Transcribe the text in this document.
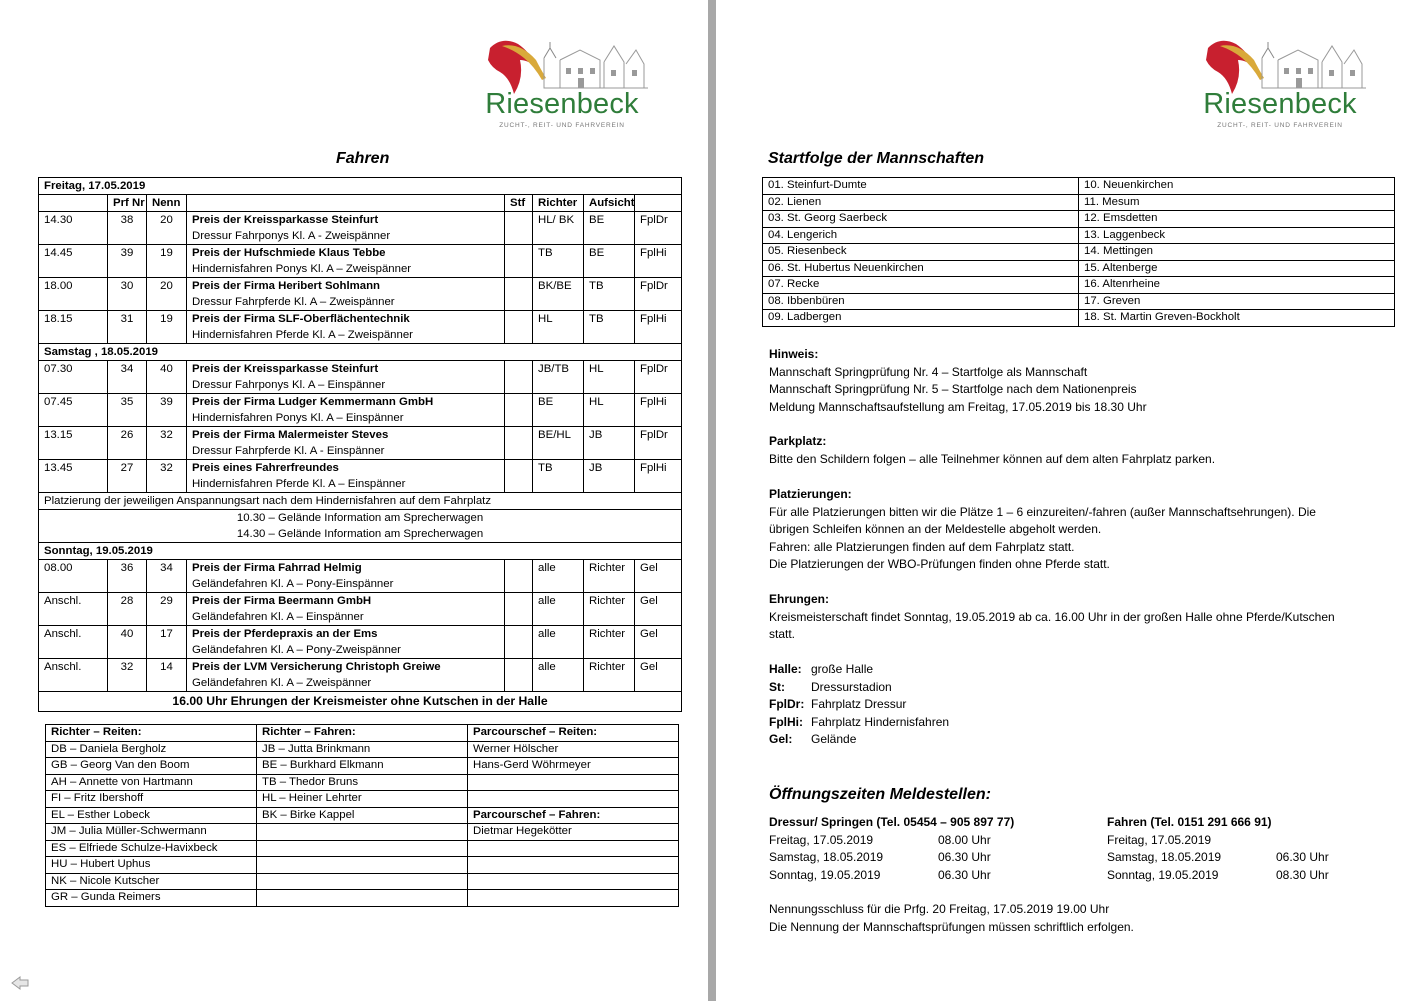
Riesenbeck
ZUCHT-, REIT- UND FAHRVEREIN
Fahren
Freitag, 17.05.2019							
	Prf Nr	Nenn		Stf	Richter	Aufsicht	
14.30	38	20	Preis der Kreissparkasse Steinfurt
Dressur Fahrponys Kl. A - Zweispänner		HL/ BK	BE	FplDr
14.45	39	19	Preis der Hufschmiede Klaus Tebbe
Hindernisfahren Ponys Kl. A – Zweispänner		TB	BE	FplHi
18.00	30	20	Preis der Firma Heribert Sohlmann
Dressur Fahrpferde Kl. A – Zweispänner		BK/BE	TB	FplDr
18.15	31	19	Preis der Firma SLF-Oberflächentechnik
Hindernisfahren Pferde Kl. A – Zweispänner		HL	TB	FplHi
Samstag , 18.05.2019							
07.30	34	40	Preis der Kreissparkasse Steinfurt
Dressur Fahrponys Kl. A – Einspänner		JB/TB	HL	FplDr
07.45	35	39	Preis der Firma Ludger Kemmermann GmbH
Hindernisfahren Ponys Kl. A – Einspänner		BE	HL	FplHi
13.15	26	32	Preis der Firma Malermeister Steves
Dressur Fahrpferde Kl. A - Einspänner		BE/HL	JB	FplDr
13.45	27	32	Preis eines Fahrerfreundes
Hindernisfahren Pferde Kl. A – Einspänner		TB	JB	FplHi
Platzierung der jeweiligen Anspannungsart nach dem Hindernisfahren auf dem Fahrplatz							
10.30 – Gelände Information am Sprecherwagen
14.30 – Gelände Information am Sprecherwagen							
Sonntag, 19.05.2019							
08.00	36	34	Preis der Firma Fahrrad Helmig
Geländefahren Kl. A – Pony-Einspänner		alle	Richter	Gel
Anschl.	28	29	Preis der Firma Beermann GmbH
Geländefahren Kl. A – Einspänner		alle	Richter	Gel
Anschl.	40	17	Preis der Pferdepraxis an der Ems
Geländefahren Kl. A – Pony-Zweispänner		alle	Richter	Gel
Anschl.	32	14	Preis der LVM Versicherung Christoph Greiwe
Geländefahren Kl. A – Zweispänner		alle	Richter	Gel
16.00 Uhr Ehrungen der Kreismeister ohne Kutschen in der Halle							
Richter – Reiten:	Richter – Fahren:	Parcourschef – Reiten:
DB – Daniela Bergholz	JB – Jutta Brinkmann	Werner Hölscher
GB – Georg Van den Boom	BE – Burkhard Elkmann	Hans-Gerd Wöhrmeyer
AH – Annette von Hartmann	TB – Thedor Bruns	
FI – Fritz Ibershoff	HL – Heiner Lehrter	
EL – Esther Lobeck	BK – Birke Kappel	Parcourschef – Fahren:
JM – Julia Müller-Schwermann		Dietmar Hegekötter
ES – Elfriede Schulze-Havixbeck		
HU – Hubert Uphus		
NK – Nicole Kutscher		
GR – Gunda Reimers		
Riesenbeck
ZUCHT-, REIT- UND FAHRVEREIN
Startfolge der Mannschaften
01. Steinfurt-Dumte	10. Neuenkirchen
02. Lienen	11. Mesum
03. St. Georg Saerbeck	12. Emsdetten
04. Lengerich	13. Laggenbeck
05. Riesenbeck	14. Mettingen
06. St. Hubertus Neuenkirchen	15. Altenberge
07. Recke	16. Altenrheine
08. Ibbenbüren	17. Greven
09. Ladbergen	18. St. Martin Greven-Bockholt
Hinweis:
Mannschaft Springprüfung Nr. 4 – Startfolge als Mannschaft
Mannschaft Springprüfung Nr. 5 – Startfolge nach dem Nationenpreis
Meldung Mannschaftsaufstellung am Freitag, 17.05.2019 bis 18.30 Uhr
Parkplatz:
Bitte den Schildern folgen – alle Teilnehmer können auf dem alten Fahrplatz parken.
Platzierungen:
Für alle Platzierungen bitten wir die Plätze 1 – 6 einzureiten/-fahren (außer Mannschaftsehrungen). Die
übrigen Schleifen können an der Meldestelle abgeholt werden.
Fahren: alle Platzierungen finden auf dem Fahrplatz statt.
Die Platzierungen der WBO-Prüfungen finden ohne Pferde statt.
Ehrungen:
Kreismeisterschaft findet Sonntag, 19.05.2019 ab ca. 16.00 Uhr in der großen Halle ohne Pferde/Kutschen
statt.
Halle: große Halle
St: Dressurstadion
FplDr: Fahrplatz Dressur
FplHi: Fahrplatz Hindernisfahren
Gel: Gelände
Öffnungszeiten Meldestellen:
Dressur/ Springen (Tel. 05454 – 905 897 77)
Freitag, 17.05.2019	08.00 Uhr
Samstag, 18.05.2019	06.30 Uhr
Sonntag, 19.05.2019	06.30 Uhr
Fahren (Tel. 0151 291 666 91)
Freitag, 17.05.2019
Samstag, 18.05.2019	06.30 Uhr
Sonntag, 19.05.2019	08.30 Uhr
Nennungsschluss für die Prfg. 20 Freitag, 17.05.2019 19.00 Uhr
Die Nennung der Mannschaftsprüfungen müssen schriftlich erfolgen.
